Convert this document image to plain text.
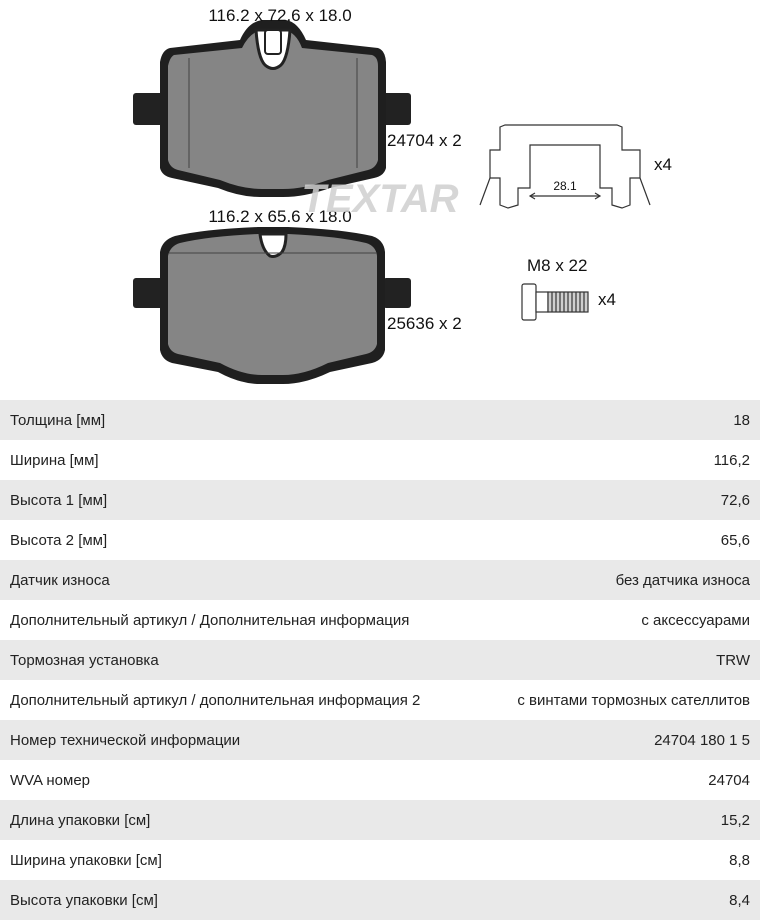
116.2 x 72.6 x 18.0
116.2 x 65.6 x 18.0
24704 x 2
25636 x 2
TEXTAR	28.1
x4
M8 x 22
x4
Толщина [мм]	18
Ширина [мм]	116,2
Высота 1 [мм]	72,6
Высота 2 [мм]	65,6
Датчик износа	без датчика износа
Дополнительный артикул / Дополнительная информация	с аксессуарами
Тормозная установка	TRW
Дополнительный артикул / дополнительная информация 2	с винтами тормозных сателлитов
Номер технической информации	24704 180 1 5
WVA номер	24704
Длина упаковки [см]	15,2
Ширина упаковки [см]	8,8
Высота упаковки [см]	8,4
